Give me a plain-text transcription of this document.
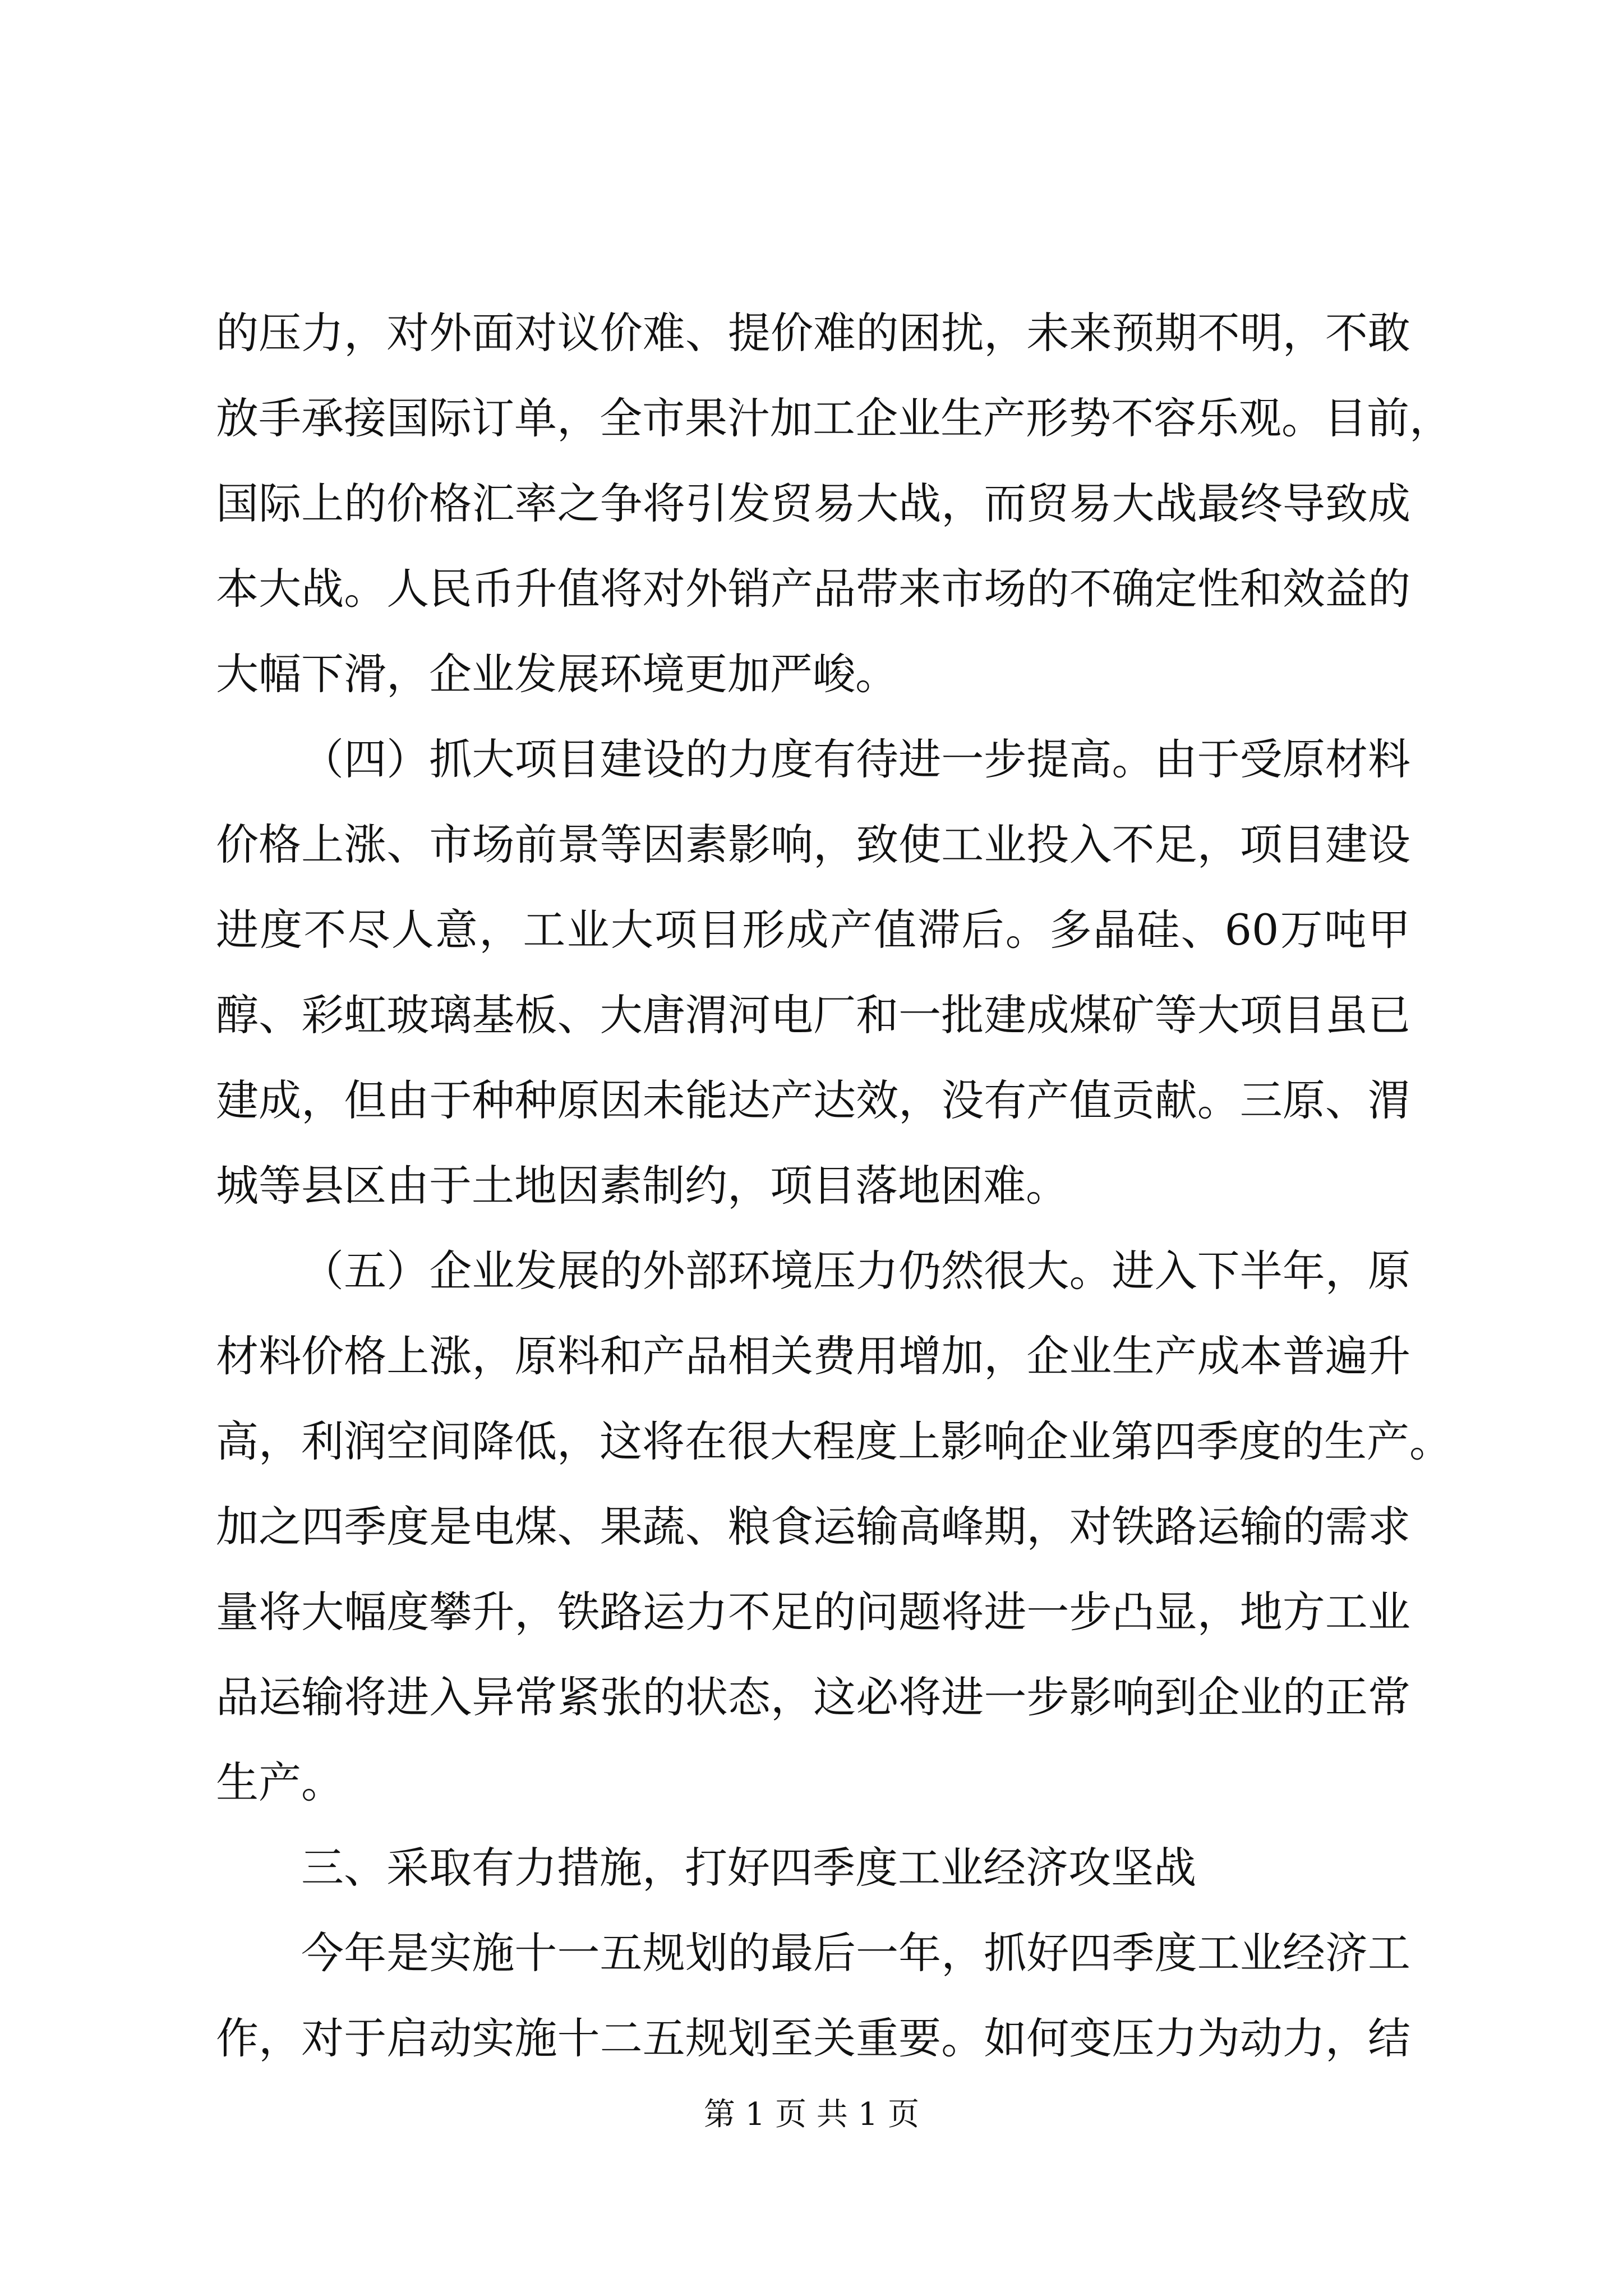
的压力，对外面对议价难、提价难的困扰，未来预期不明，不敢
放手承接国际订单，全市果汁加工企业生产形势不容乐观。目前，
国际上的价格汇率之争将引发贸易大战，而贸易大战最终导致成
本大战。人民币升值将对外销产品带来市场的不确定性和效益的
大幅下滑，企业发展环境更加严峻。
（四）抓大项目建设的力度有待进一步提高。由于受原材料
价格上涨、市场前景等因素影响，致使工业投入不足，项目建设
进度不尽人意，工业大项目形成产值滞后。多晶硅、60万吨甲
醇、彩虹玻璃基板、大唐渭河电厂和一批建成煤矿等大项目虽已
建成，但由于种种原因未能达产达效，没有产值贡献。三原、渭
城等县区由于土地因素制约，项目落地困难。
（五）企业发展的外部环境压力仍然很大。进入下半年，原
材料价格上涨，原料和产品相关费用增加，企业生产成本普遍升
高，利润空间降低，这将在很大程度上影响企业第四季度的生产。
加之四季度是电煤、果蔬、粮食运输高峰期，对铁路运输的需求
量将大幅度攀升，铁路运力不足的问题将进一步凸显，地方工业
品运输将进入异常紧张的状态，这必将进一步影响到企业的正常
生产。
三、采取有力措施，打好四季度工业经济攻坚战
今年是实施十一五规划的最后一年，抓好四季度工业经济工
作，对于启动实施十二五规划至关重要。如何变压力为动力，结
第 1 页 共 1 页
